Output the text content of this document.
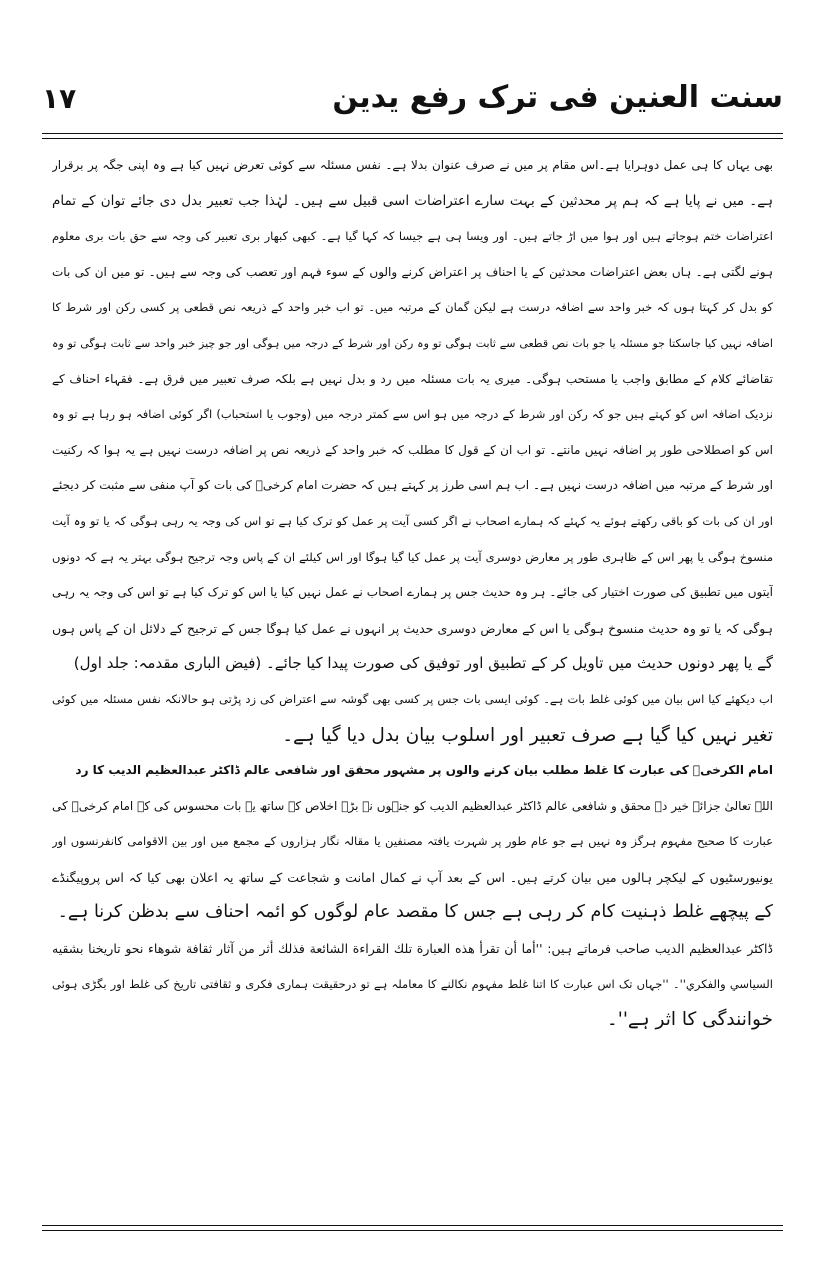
سنت العنین فی ترک رفع یدین
۱۷
بھی یہاں کا ہی عمل دوہرایا ہے۔اس مقام پر میں نے صرف عنوان بدلا ہے۔ نفس مسئلہ سے کوئی تعرض نہیں کیا ہے وہ اپنی جگہ پر برقرار
ہے۔ میں نے پایا ہے کہ ہم پر محدثین کے بہت سارے اعتراضات اسی قبیل سے ہیں۔ لہٰذا جب تعبیر بدل دی جائے توان کے تمام
اعتراضات ختم ہوجاتے ہیں اور ہوا میں اڑ جاتے ہیں۔ اور ویسا ہی ہے جیسا کہ کہا گیا ہے۔ کبھی کبھار بری تعبیر کی وجہ سے حق بات بری معلوم
ہونے لگتی ہے۔ ہاں بعض اعتراضات محدثین کے یا احناف پر اعتراض کرنے والوں کے سوء فہم اور تعصب کی وجہ سے ہیں۔ تو میں ان کی بات
کو بدل کر کہتا ہوں کہ خبر واحد سے اضافہ درست ہے لیکن گمان کے مرتبہ میں۔ تو اب خبر واحد کے ذریعہ نص قطعی پر کسی رکن اور شرط کا
اضافہ نہیں کیا جاسکتا جو مسئلہ یا جو بات نص قطعی سے ثابت ہوگی تو وہ رکن اور شرط کے درجہ میں ہوگی اور جو چیز خبر واحد سے ثابت ہوگی تو وہ
تقاضائے کلام کے مطابق واجب یا مستحب ہوگی۔ میری یہ بات مسئلہ میں رد و بدل نہیں ہے بلکہ صرف تعبیر میں فرق ہے۔ فقہاء احناف کے
نزدیک اضافہ اس کو کہتے ہیں جو کہ رکن اور شرط کے درجہ میں ہو اس سے کمتر درجہ میں (وجوب یا استحباب) اگر کوئی اضافہ ہو رہا ہے تو وہ
اس کو اصطلاحی طور پر اضافہ نہیں مانتے۔ تو اب ان کے قول کا مطلب کہ خبر واحد کے ذریعہ نص پر اضافہ درست نہیں ہے یہ ہوا کہ رکنیت
اور شرط کے مرتبہ میں اضافہ درست نہیں ہے۔ اب ہم اسی طرز پر کہتے ہیں کہ حضرت امام کرخیؒ کی بات کو آپ منفی سے مثبت کر دیجئے
اور ان کی بات کو باقی رکھتے ہوئے یہ کہئے کہ ہمارے اصحاب نے اگر کسی آیت پر عمل کو ترک کیا ہے تو اس کی وجہ یہ رہی ہوگی کہ یا تو وہ آیت
منسوخ ہوگی یا پھر اس کے ظاہری طور پر معارض دوسری آیت پر عمل کیا گیا ہوگا اور اس کیلئے ان کے پاس وجہ ترجیح ہوگی بہتر یہ ہے کہ دونوں
آیتوں میں تطبیق کی صورت اختیار کی جائے۔ ہر وہ حدیث جس پر ہمارے اصحاب نے عمل نہیں کیا یا اس کو ترک کیا ہے تو اس کی وجہ یہ رہی
ہوگی کہ یا تو وہ حدیث منسوخ ہوگی یا اس کے معارض دوسری حدیث پر انہوں نے عمل کیا ہوگا جس کے ترجیح کے دلائل ان کے پاس ہوں
گے یا پھر دونوں حدیث میں تاویل کر کے تطبیق اور توفیق کی صورت پیدا کیا جائے۔ (فیض الباری مقدمہ: جلد اول)
اب دیکھئے کیا اس بیان میں کوئی غلط بات ہے۔ کوئی ایسی بات جس پر کسی بھی گوشہ سے اعتراض کی زد پڑتی ہو حالانکہ نفس مسئلہ میں کوئی
تغیر نہیں کیا گیا ہے صرف تعبیر اور اسلوب بیان بدل دیا گیا ہے۔
امام الکرخیؒ کی عبارت کا غلط مطلب بیان کرنے والوں پر مشہور محقق اور شافعی عالم ڈاکٹر عبدالعظیم الدیب کا رد
اللہ تعالیٰ جزائے خیر دے محقق و شافعی عالم ڈاکٹر عبدالعظیم الدیب کو جنہوں نے بڑے اخلاص کے ساتھ یہ بات محسوس کی کہ امام کرخیؒ کی
عبارت کا صحیح مفہوم ہرگز وہ نہیں ہے جو عام طور پر شہرت یافتہ مصنفین یا مقالہ نگار ہزاروں کے مجمع میں اور بین الاقوامی کانفرنسوں اور
یونیورسٹیوں کے لیکچر ہالوں میں بیان کرتے ہیں۔ اس کے بعد آپ نے کمال امانت و شجاعت کے ساتھ یہ اعلان بھی کیا کہ اس پروپیگنڈے
کے پیچھے غلط ذہنیت کام کر رہی ہے جس کا مقصد عام لوگوں کو ائمہ احناف سے بدظن کرنا ہے۔
ڈاکٹر عبدالعظیم الدیب صاحب فرماتے ہیں: ''أما أن تقرأ هذه العبارة تلك القراءة الشائعة فذلك أثر من آثار ثقافة شوهاء نحو تاریخنا بشقيه
السياسي والفكري''۔ ''جہاں تک اس عبارت کا اتنا غلط مفہوم نکالنے کا معاملہ ہے تو درحقیقت ہماری فکری و ثقافتی تاریخ کی غلط اور بگڑی ہوئی
خوانندگی کا اثر ہے''۔
